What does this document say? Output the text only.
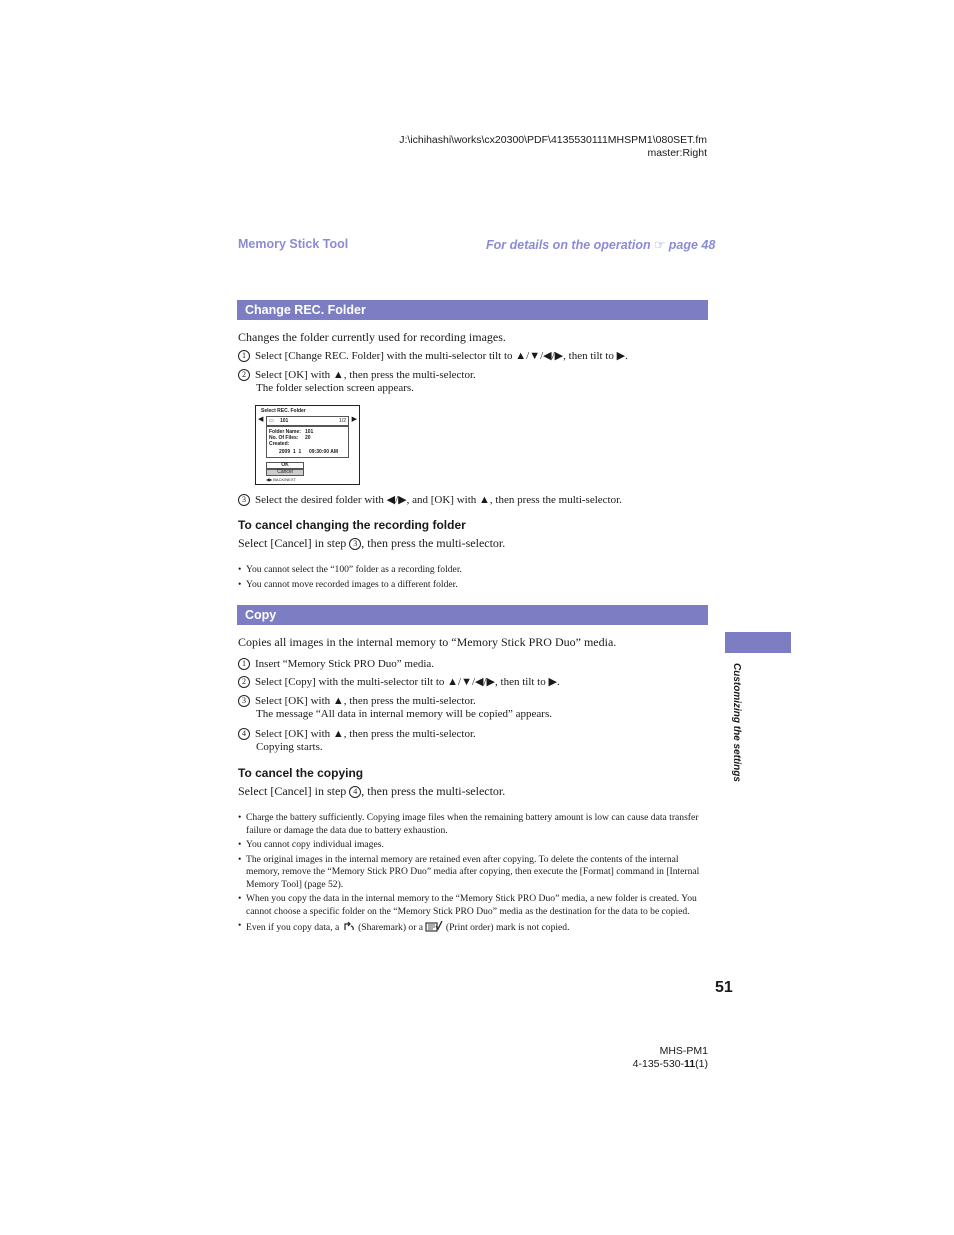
J:\ichihashi\works\cx20300\PDF\4135530111MHSPM1\080SET.fm
master:Right
Memory Stick Tool	For details on the operation ☞ page 48
Change REC. Folder
Changes the folder currently used for recording images.
1 Select [Change REC. Folder] with the multi-selector tilt to ▲/▼/◀/▶, then tilt to ▶.
2 Select [OK] with ▲, then press the multi-selector.
The folder selection screen appears.
Select REC. Folder
◀	▶
▭ 101	1/2
Folder Name: 101
No. Of Files: 20
Created:
2009  1  1 09:30:00 AM
OK
Cancel
◀▶ BACK/NEXT
3 Select the desired folder with ◀/▶, and [OK] with ▲, then press the multi-selector.
To cancel changing the recording folder
Select [Cancel] in step 3 , then press the multi-selector.
• You cannot select the “100” folder as a recording folder.
• You cannot move recorded images to a different folder.
Copy
Copies all images in the internal memory to “Memory Stick PRO Duo” media.
1 Insert “Memory Stick PRO Duo” media.
2 Select [Copy] with the multi-selector tilt to ▲/▼/◀/▶, then tilt to ▶.
3 Select [OK] with ▲, then press the multi-selector.
The message “All data in internal memory will be copied” appears.
4 Select [OK] with ▲, then press the multi-selector.
Copying starts.
To cancel the copying
Select [Cancel] in step 4 , then press the multi-selector.
• Charge the battery sufficiently. Copying image files when the remaining battery amount is low can cause data transfer failure or damage the data due to battery exhaustion.
• You cannot copy individual images.
• The original images in the internal memory are retained even after copying. To delete the contents of the internal memory, remove the “Memory Stick PRO Duo” media after copying, then execute the [Format] command in [Internal Memory Tool] (page 52).
• When you copy the data in the internal memory to the “Memory Stick PRO Duo” media, a new folder is created. You cannot choose a specific folder on the “Memory Stick PRO Duo” media as the destination for the data to be copied.
• Even if you copy data, a (Sharemark) or a (Print order) mark is not copied.
Customizing the settings
51
MHS-PM1
4-135-530-11(1)
